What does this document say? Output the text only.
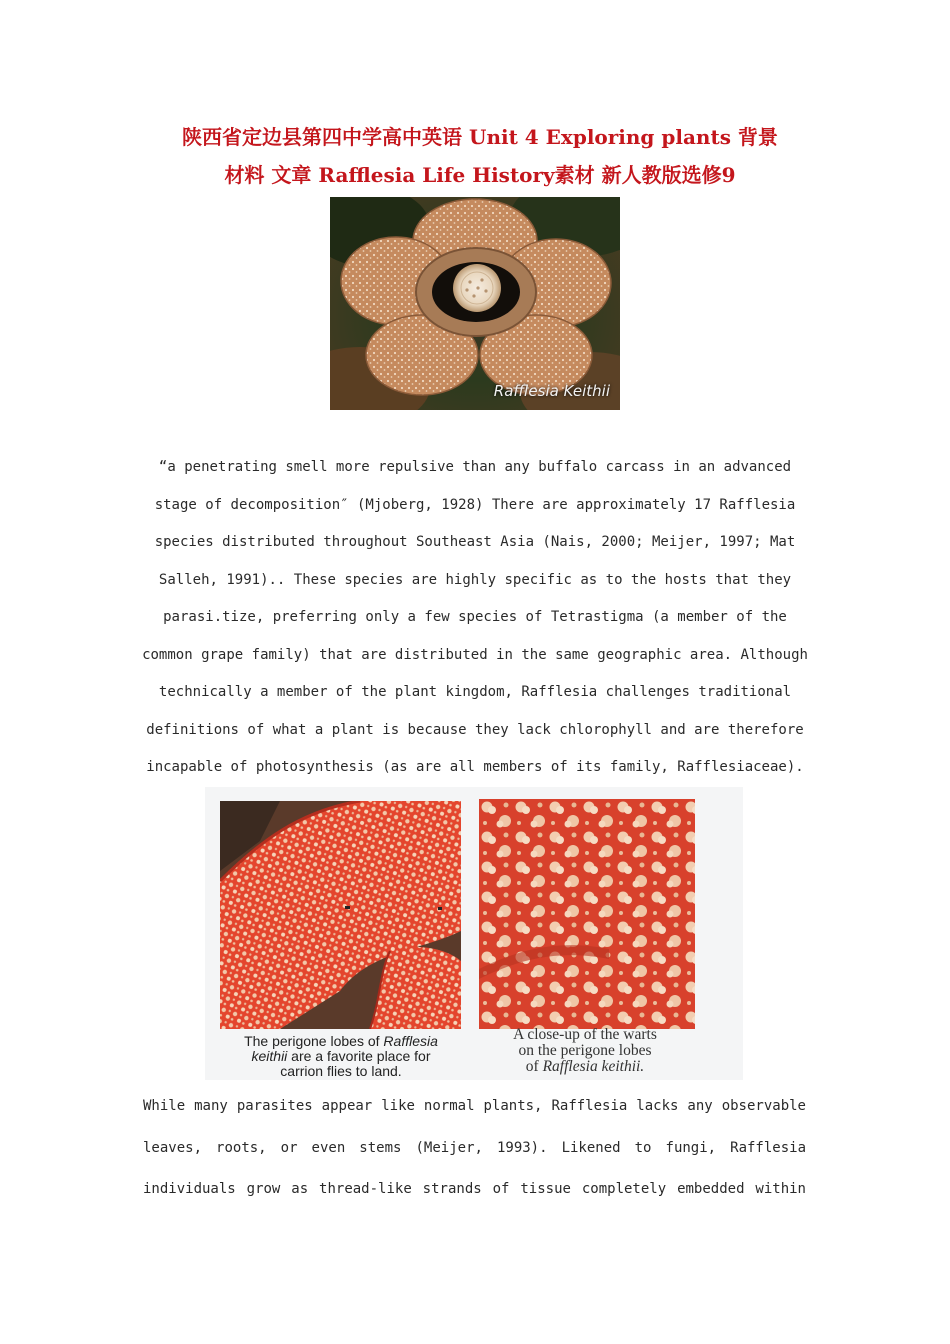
陕西省定边县第四中学高中英语 Unit 4 Exploring plants 背景
材料 文章 Rafflesia Life History素材 新人教版选修9
Rafflesia Keithii
“a penetrating smell more repulsive than any buffalo carcass in an advanced
stage of decomposition″ (Mjoberg, 1928) There are approximately 17 Rafflesia
species distributed throughout Southeast Asia (Nais, 2000; Meijer, 1997; Mat
Salleh, 1991).. These species are highly specific as to the hosts that they
parasi.tize, preferring only a few species of Tetrastigma (a member of the
common grape family) that are distributed in the same geographic area. Although
technically a member of the plant kingdom, Rafflesia challenges traditional
definitions of what a plant is because they lack chlorophyll and are therefore
incapable of photosynthesis (as are all members of its family, Rafflesiaceae).
The perigone lobes of Rafflesia
keithii are a favorite place for
carrion flies to land.
A close-up of the warts
on the perigone lobes
of Rafflesia keithii.
While many parasites appear like normal plants, Rafflesia lacks any observable
leaves, roots, or even stems (Meijer, 1993). Likened to fungi, Rafflesia
individuals grow as thread-like strands of tissue completely embedded within
